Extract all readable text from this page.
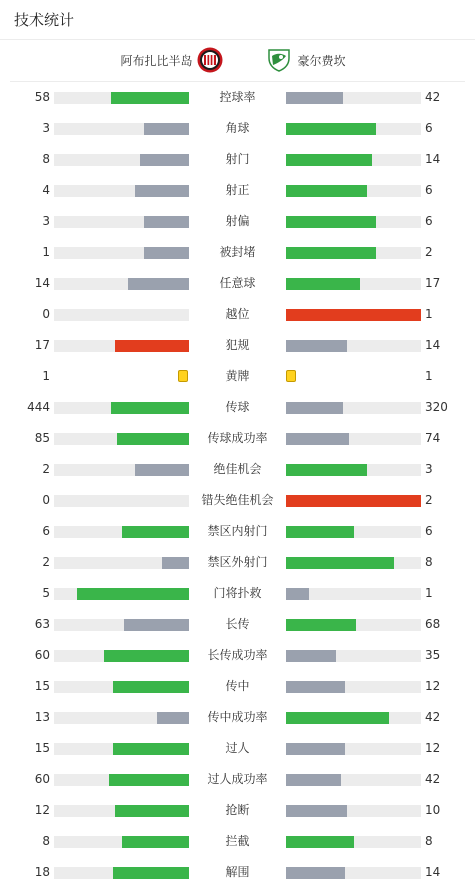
技术统计
阿布扎比半岛	豪尔费坎
58	控球率	42
3	角球	6
8	射门	14
4	射正	6
3	射偏	6
1	被封堵	2
14	任意球	17
0	越位	1
17	犯规	14
1	黄牌	1
444	传球	320
85	传球成功率	74
2	绝佳机会	3
0	错失绝佳机会	2
6	禁区内射门	6
2	禁区外射门	8
5	门将扑救	1
63	长传	68
60	长传成功率	35
15	传中	12
13	传中成功率	42
15	过人	12
60	过人成功率	42
12	抢断	10
8	拦截	8
18	解围	14
